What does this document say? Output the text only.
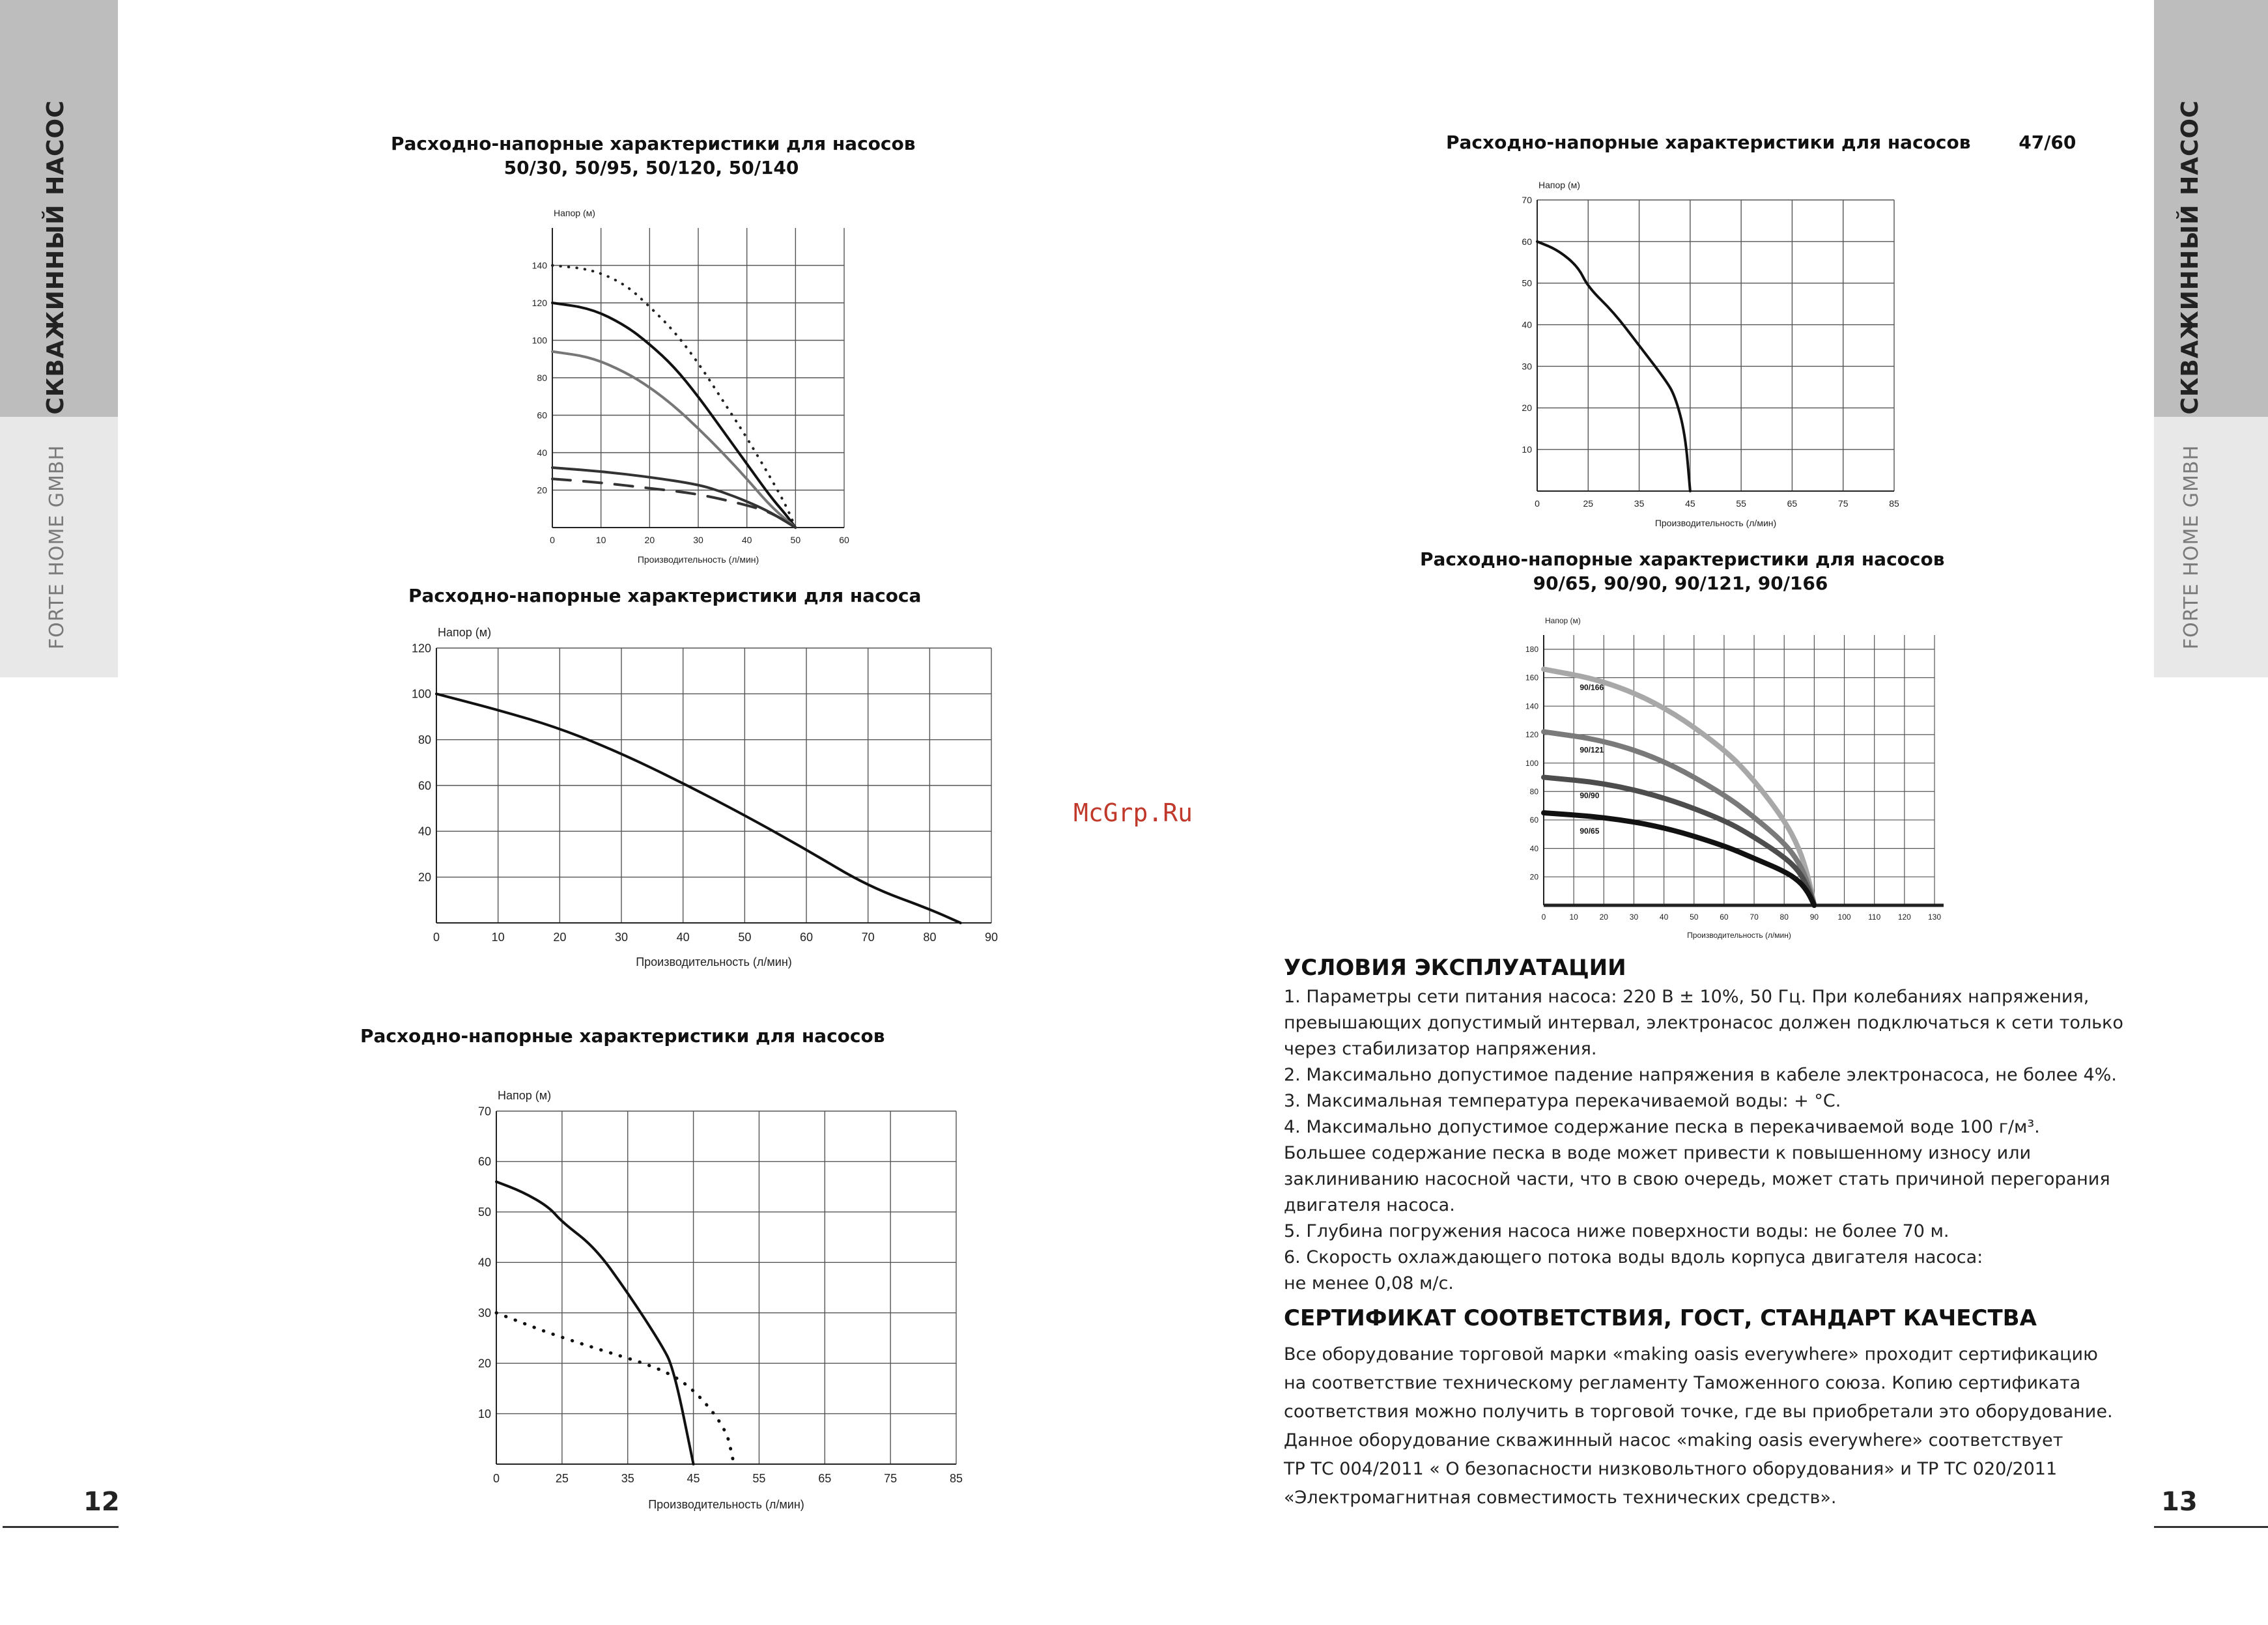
СКВАЖИННЫЙ НАСОС
FORTE HOME GMBH
12
СКВАЖИННЫЙ НАСОС
FORTE HOME GMBH
13
McGrp.Ru
Расходно-напорные характеристики для насосов
50/30, 50/95, 50/120, 50/140
Расходно-напорные характеристики для насоса
Расходно-напорные характеристики для насосов
Расходно-напорные характеристики для насосов	47/60
Расходно-напорные характеристики для насосов
90/65, 90/90, 90/121, 90/166
0	10	20	30	40	50	60
20
40
60
80
100
120
140
Напор (м)
Производительность (л/мин)
0	10	20	30	40	50	60	70	80	90
20
40
60
80
100
120
Напор (м)
Производительность (л/мин)
0	25	35	45	55	65	75	85
10
20
30
40
50
60
70
Напор (м)
Производительность (л/мин)
0	25	35	45	55	65	75	85
10
20
30
40
50
60
70
Напор (м)
Производительность (л/мин)
0	10	20	30	40	50	60	70	80	90 100 110 120 130
20
40
60
80
100
120
140
160
180
Напор (м)
Производительность (л/мин)
90/166
90/121
90/90
90/65
УСЛОВИЯ ЭКСПЛУАТАЦИИ
1. Параметры сети питания насоса: 220 В ± 10%, 50 Гц. При колебаниях напряжения,
превышающих допустимый интервал, электронасос должен подключаться к сети только
через стабилизатор напряжения.
2. Максимально допустимое падение напряжения в кабеле электронасоса, не более 4%.
3. Максимальная температура перекачиваемой воды: + °С.
4. Максимально допустимое содержание песка в перекачиваемой воде 100 г/м³.
Большее содержание песка в воде может привести к повышенному износу или
заклиниванию насосной части, что в свою очередь, может стать причиной перегорания
двигателя насоса.
5. Глубина погружения насоса ниже поверхности воды: не более 70 м.
6. Скорость охлаждающего потока воды вдоль корпуса двигателя насоса:
не менее 0,08 м/с.
СЕРТИФИКАТ СООТВЕТСТВИЯ, ГОСТ, СТАНДАРТ КАЧЕСТВА
Все оборудование торговой марки «making oasis everywhere» проходит сертификацию
на соответствие техническому регламенту Таможенного союза. Копию сертификата
соответствия можно получить в торговой точке, где вы приобретали это оборудование.
Данное оборудование скважинный насос «making oasis everywhere» соответствует
ТР ТС 004/2011 « О безопасности низковольтного оборудования» и ТР ТС 020/2011
«Электромагнитная совместимость технических средств».
